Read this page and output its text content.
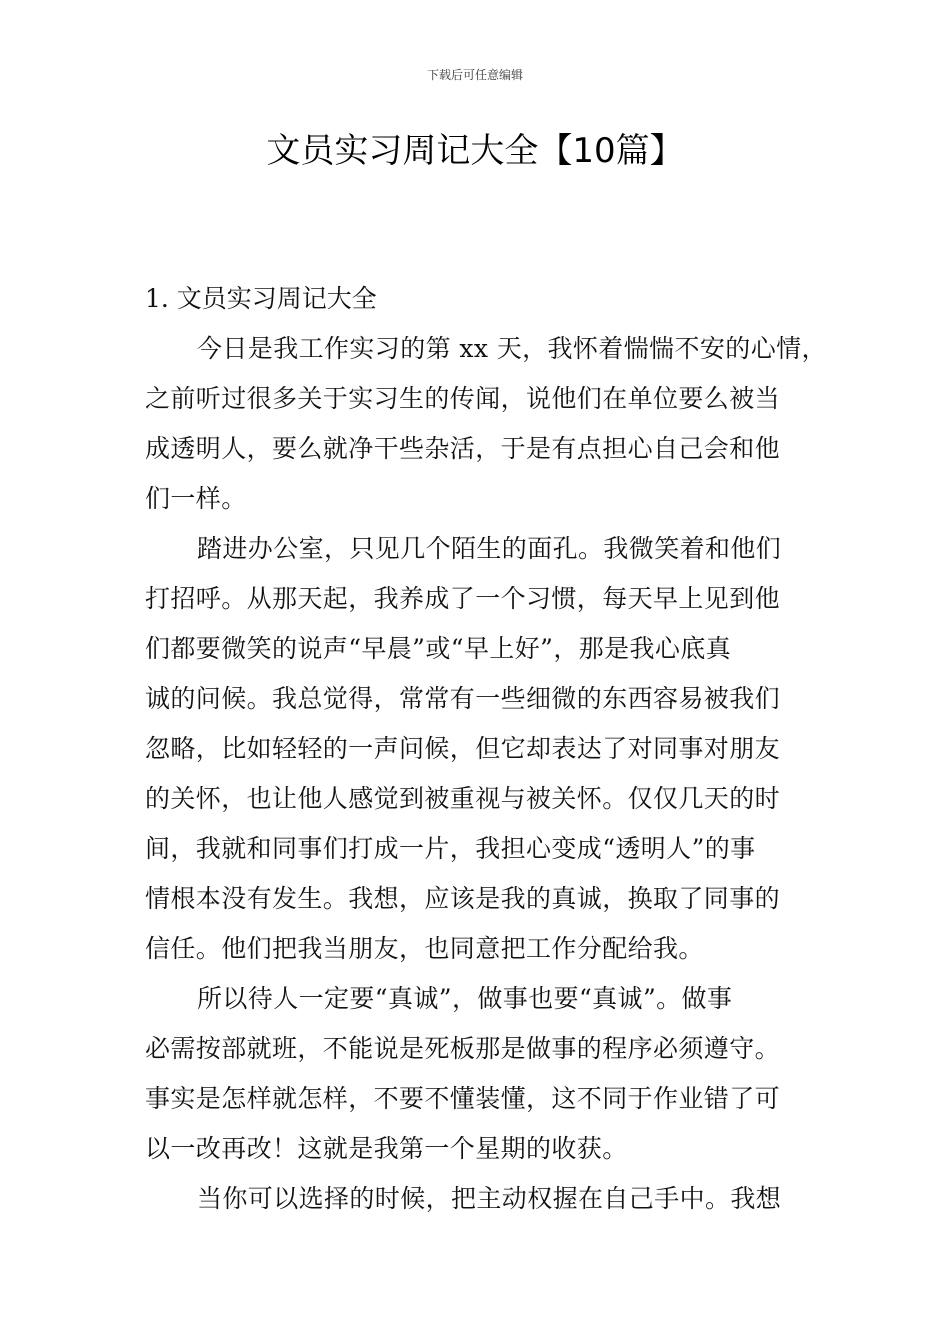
下载后可任意编辑
文员实习周记大全【10篇】
1. 文员实习周记大全
今日是我工作实习的第 xx 天，我怀着惴惴不安的心情，
之前听过很多关于实习生的传闻，说他们在单位要么被当
成透明人，要么就净干些杂活，于是有点担心自己会和他
们一样。
踏进办公室，只见几个陌生的面孔。我微笑着和他们
打招呼。从那天起，我养成了一个习惯，每天早上见到他
们都要微笑的说声“早晨”或“早上好”，那是我心底真
诚的问候。我总觉得，常常有一些细微的东西容易被我们
忽略，比如轻轻的一声问候，但它却表达了对同事对朋友
的关怀，也让他人感觉到被重视与被关怀。仅仅几天的时
间，我就和同事们打成一片，我担心变成“透明人”的事
情根本没有发生。我想，应该是我的真诚，换取了同事的
信任。他们把我当朋友，也同意把工作分配给我。
所以待人一定要“真诚”，做事也要“真诚”。做事
必需按部就班，不能说是死板那是做事的程序必须遵守。
事实是怎样就怎样，不要不懂装懂，这不同于作业错了可
以一改再改！这就是我第一个星期的收获。
当你可以选择的时候，把主动权握在自己手中。我想
